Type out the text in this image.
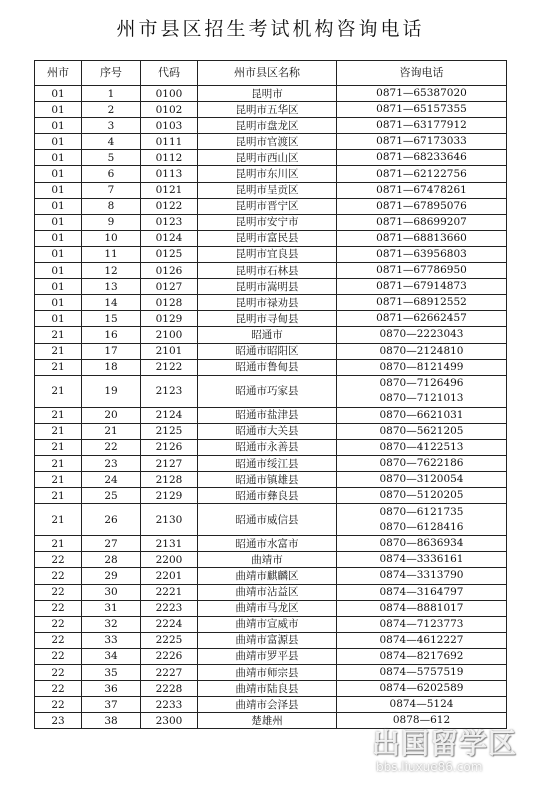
州市县区招生考试机构咨询电话
州市	序号	代码	州市县区名称	咨询电话
01	1	0100	昆明市	0871—65387020

01	2	0102	昆明市五华区	0871—65157355

01	3	0103	昆明市盘龙区	0871—63177912

01	4	0111	昆明市官渡区	0871—67173033

01	5	0112	昆明市西山区	0871—68233646

01	6	0113	昆明市东川区	0871—62122756

01	7	0121	昆明市呈贡区	0871—67478261

01	8	0122	昆明市晋宁区	0871—67895076

01	9	0123	昆明市安宁市	0871—68699207

01	10	0124	昆明市富民县	0871—68813660

01	11	0125	昆明市宜良县	0871—63956803

01	12	0126	昆明市石林县	0871—67786950

01	13	0127	昆明市嵩明县	0871—67914873

01	14	0128	昆明市禄劝县	0871—68912552

01	15	0129	昆明市寻甸县	0871—62662457

21	16	2100	昭通市	0870—2223043

21	17	2101	昭通市昭阳区	0870—2124810

21	18	2122	昭通市鲁甸县	0870—8121499

21	19	2123	昭通市巧家县	0870—7126496
0870—7121013

21	20	2124	昭通市盐津县	0870—6621031

21	21	2125	昭通市大关县	0870—5621205

21	22	2126	昭通市永善县	0870—4122513

21	23	2127	昭通市绥江县	0870—7622186

21	24	2128	昭通市镇雄县	0870—3120054

21	25	2129	昭通市彝良县	0870—5120205

21	26	2130	昭通市威信县	0870—6121735
0870—6128416

21	27	2131	昭通市水富市	0870—8636934

22	28	2200	曲靖市	0874—3336161

22	29	2201	曲靖市麒麟区	0874—3313790

22	30	2221	曲靖市沾益区	0874—3164797

22	31	2223	曲靖市马龙区	0874—8881017

22	32	2224	曲靖市宣威市	0874—7123773

22	33	2225	曲靖市富源县	0874—4612227

22	34	2226	曲靖市罗平县	0874—8217692

22	35	2227	曲靖市师宗县	0874—5757519

22	36	2228	曲靖市陆良县	0874—6202589

22	37	2233	曲靖市会泽县	0874—5124

23	38	2300	楚雄州	0878—612
出国留学区
bbs.liuxue86.com
